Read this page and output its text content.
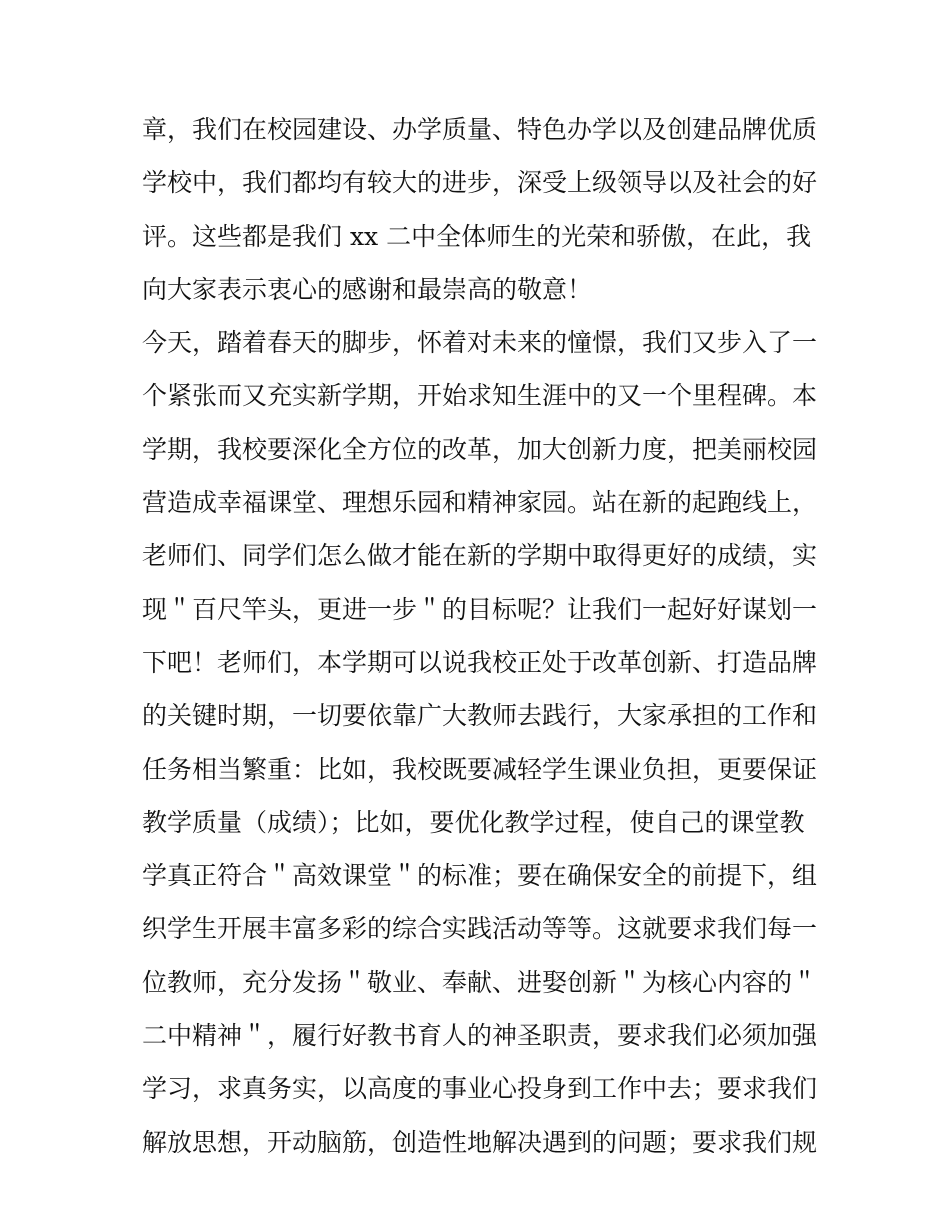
章，我们在校园建设、办学质量、特色办学以及创建品牌优质
学校中，我们都均有较大的进步，深受上级领导以及社会的好
评。这些都是我们 xx 二中全体师生的光荣和骄傲，在此，我
向大家表示衷心的感谢和最崇高的敬意！
今天，踏着春天的脚步，怀着对未来的憧憬，我们又步入了一
个紧张而又充实新学期，开始求知生涯中的又一个里程碑。本
学期，我校要深化全方位的改革，加大创新力度，把美丽校园
营造成幸福课堂、理想乐园和精神家园。站在新的起跑线上，
老师们、同学们怎么做才能在新的学期中取得更好的成绩，实
现＂百尺竿头，更进一步＂的目标呢？让我们一起好好谋划一
下吧！老师们，本学期可以说我校正处于改革创新、打造品牌
的关键时期，一切要依靠广大教师去践行，大家承担的工作和
任务相当繁重：比如，我校既要减轻学生课业负担，更要保证
教学质量（成绩）；比如，要优化教学过程，使自己的课堂教
学真正符合＂高效课堂＂的标准；要在确保安全的前提下，组
织学生开展丰富多彩的综合实践活动等等。这就要求我们每一
位教师，充分发扬＂敬业、奉献、进娶创新＂为核心内容的＂
二中精神＂，履行好教书育人的神圣职责，要求我们必须加强
学习，求真务实，以高度的事业心投身到工作中去；要求我们
解放思想，开动脑筋，创造性地解决遇到的问题；要求我们规
